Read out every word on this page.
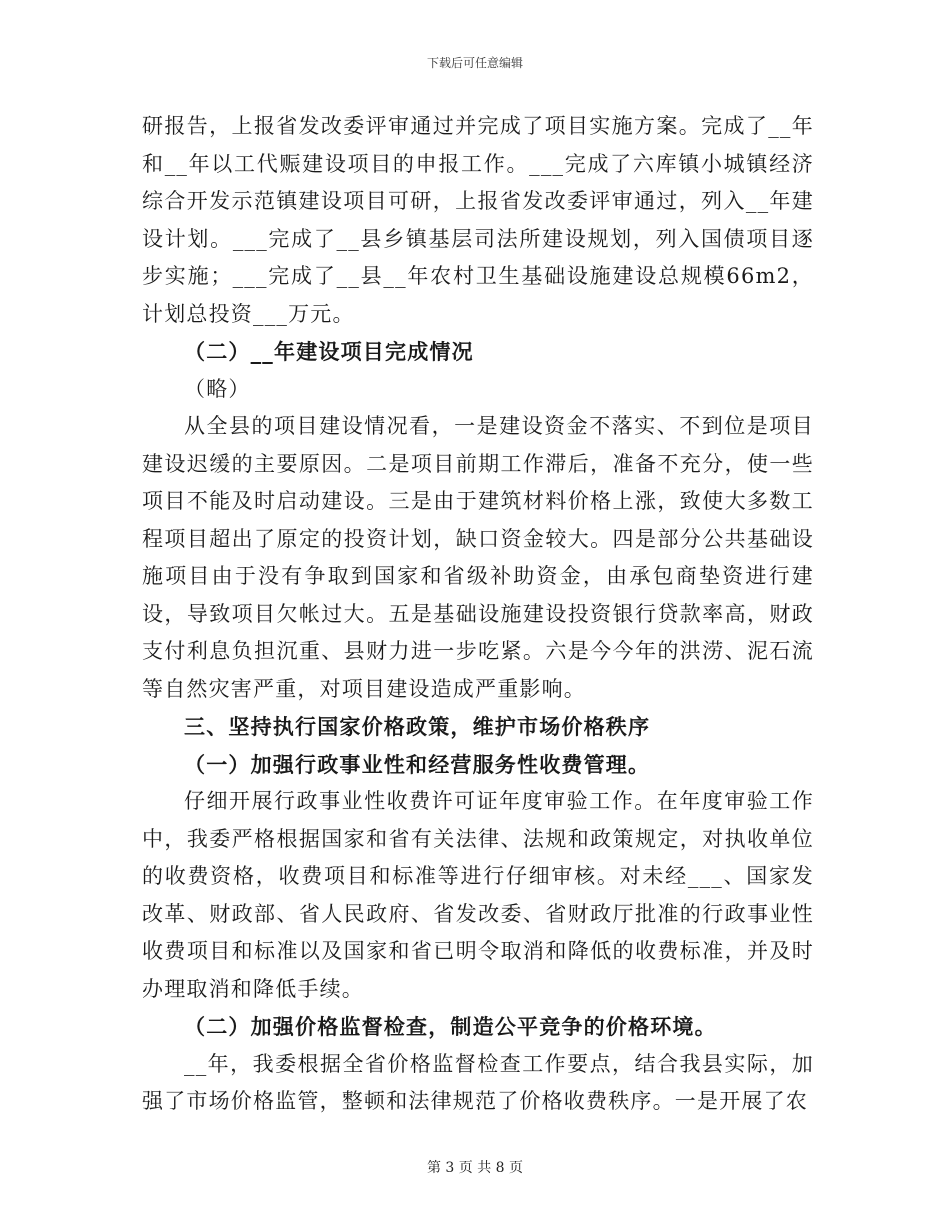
下载后可任意编辑

研报告，上报省发改委评审通过并完成了项目实施方案。完成了__年和__年以工代赈建设项目的申报工作。___完成了六库镇小城镇经济综合开发示范镇建设项目可研，上报省发改委评审通过，列入__年建设计划。___完成了__县乡镇基层司法所建设规划，列入国债项目逐步实施；___完成了__县__年农村卫生基础设施建设总规模66m2，计划总投资___万元。

（二）__年建设项目完成情况

（略）

从全县的项目建设情况看，一是建设资金不落实、不到位是项目建设迟缓的主要原因。二是项目前期工作滞后，准备不充分，使一些项目不能及时启动建设。三是由于建筑材料价格上涨，致使大多数工程项目超出了原定的投资计划，缺口资金较大。四是部分公共基础设施项目由于没有争取到国家和省级补助资金，由承包商垫资进行建设，导致项目欠帐过大。五是基础设施建设投资银行贷款率高，财政支付利息负担沉重、县财力进一步吃紧。六是今今年的洪涝、泥石流等自然灾害严重，对项目建设造成严重影响。

三、坚持执行国家价格政策，维护市场价格秩序

（一）加强行政事业性和经营服务性收费管理。

仔细开展行政事业性收费许可证年度审验工作。在年度审验工作中，我委严格根据国家和省有关法律、法规和政策规定，对执收单位的收费资格，收费项目和标准等进行仔细审核。对未经___、国家发改革、财政部、省人民政府、省发改委、省财政厅批准的行政事业性收费项目和标准以及国家和省已明令取消和降低的收费标准，并及时办理取消和降低手续。

（二）加强价格监督检查，制造公平竞争的价格环境。

__年，我委根据全省价格监督检查工作要点，结合我县实际，加强了市场价格监管，整顿和法律规范了价格收费秩序。一是开展了农

第 3 页 共 8 页
